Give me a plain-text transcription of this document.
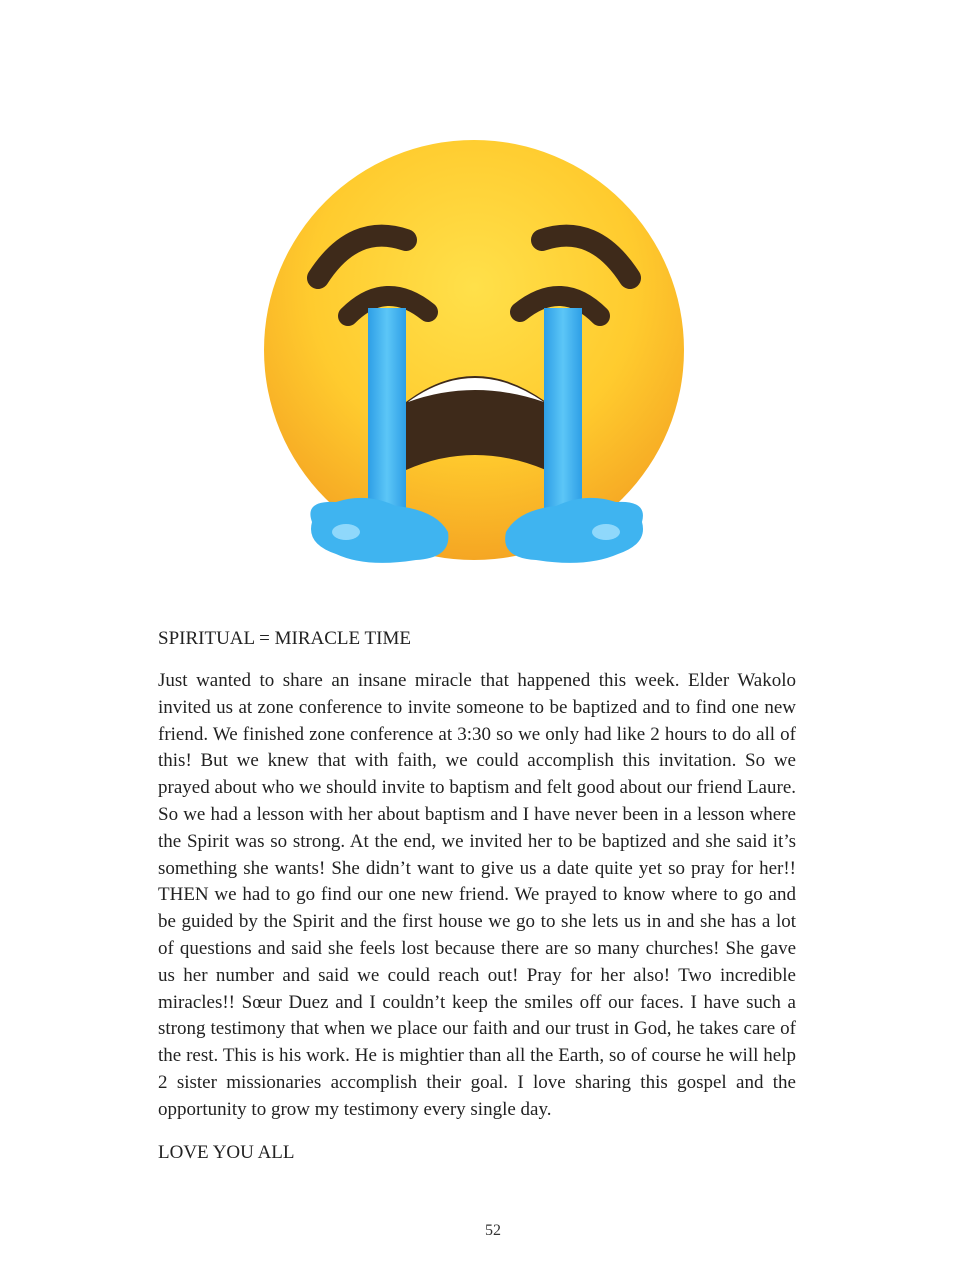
SPIRITUAL = MIRACLE TIME

Just wanted to share an insane miracle that happened this week. Elder Wakolo invited us at zone conference to invite someone to be baptized and to find one new friend. We finished zone conference at 3:30 so we only had like 2 hours to do all of this! But we knew that with faith, we could accomplish this invitation. So we prayed about who we should invite to baptism and felt good about our friend Laure. So we had a lesson with her about baptism and I have never been in a lesson where the Spirit was so strong. At the end, we invited her to be baptized and she said it’s something she wants! She didn’t want to give us a date quite yet so pray for her!! THEN we had to go find our one new friend. We prayed to know where to go and be guided by the Spirit and the first house we go to she lets us in and she has a lot of questions and said she feels lost because there are so many churches! She gave us her number and said we could reach out! Pray for her also! Two incredible miracles!! Sœur Duez and I couldn’t keep the smiles off our faces. I have such a strong testimony that when we place our faith and our trust in God, he takes care of the rest. This is his work. He is mightier than all the Earth, so of course he will help 2 sister missionaries accomplish their goal. I love sharing this gospel and the opportunity to grow my testimony every single day.

LOVE YOU ALL

52
